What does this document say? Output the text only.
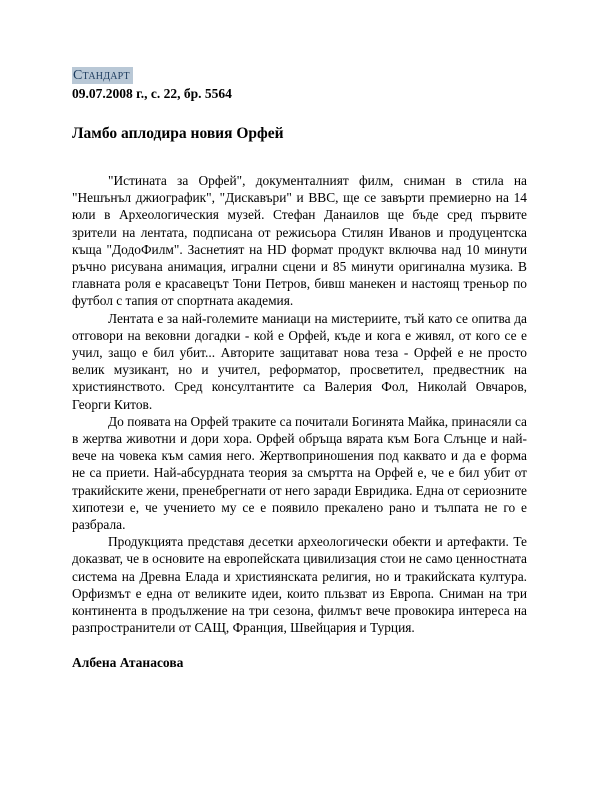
Стандарт
09.07.2008 г., с. 22, бр. 5564
Ламбо аплодира новия Орфей

"Истината за Орфей", документалният филм, сниман в стила на "Нешънъл джиографик", "Дискавъри" и BBC, ще се завърти премиерно на 14 юли в Археологическия музей. Стефан Данаилов ще бъде сред първите зрители на лентата, подписана от режисьора Стилян Иванов и продуцентска къща "ДодоФилм". Заснетият на HD формат продукт включва над 10 минути ръчно рисувана анимация, игрални сцени и 85 минути оригинална музика. В главната роля е красавецът Тони Петров, бивш манекен и настоящ треньор по футбол с тапия от спортната академия.

Лентата е за най-големите маниаци на мистериите, тъй като се опитва да отговори на вековни догадки - кой е Орфей, къде и кога е живял, от кого се е учил, защо е бил убит... Авторите защитават нова теза - Орфей е не просто велик музикант, но и учител, реформатор, просветител, предвестник на християнството. Сред консултантите са Валерия Фол, Николай Овчаров, Георги Китов.

До появата на Орфей траките са почитали Богинята Майка, принасяли са в жертва животни и дори хора. Орфей обръща вярата към Бога Слънце и най-вече на човека към самия него. Жертвоприношения под каквато и да е форма не са приети. Най-абсурдната теория за смъртта на Орфей е, че е бил убит от тракийските жени, пренебрегнати от него заради Евридика. Една от сериозните хипотези е, че учението му се е появило прекалено рано и тълпата не го е разбрала.

Продукцията представя десетки археологически обекти и артефакти. Те доказват, че в основите на европейската цивилизация стои не само ценностната система на Древна Елада и християнската религия, но и тракийската култура. Орфизмът е една от великите идеи, които пльзват из Европа. Сниман на три континента в продължение на три сезона, филмът вече провокира интереса на разпространители от САЩ, Франция, Швейцария и Турция.

Албена Атанасова
